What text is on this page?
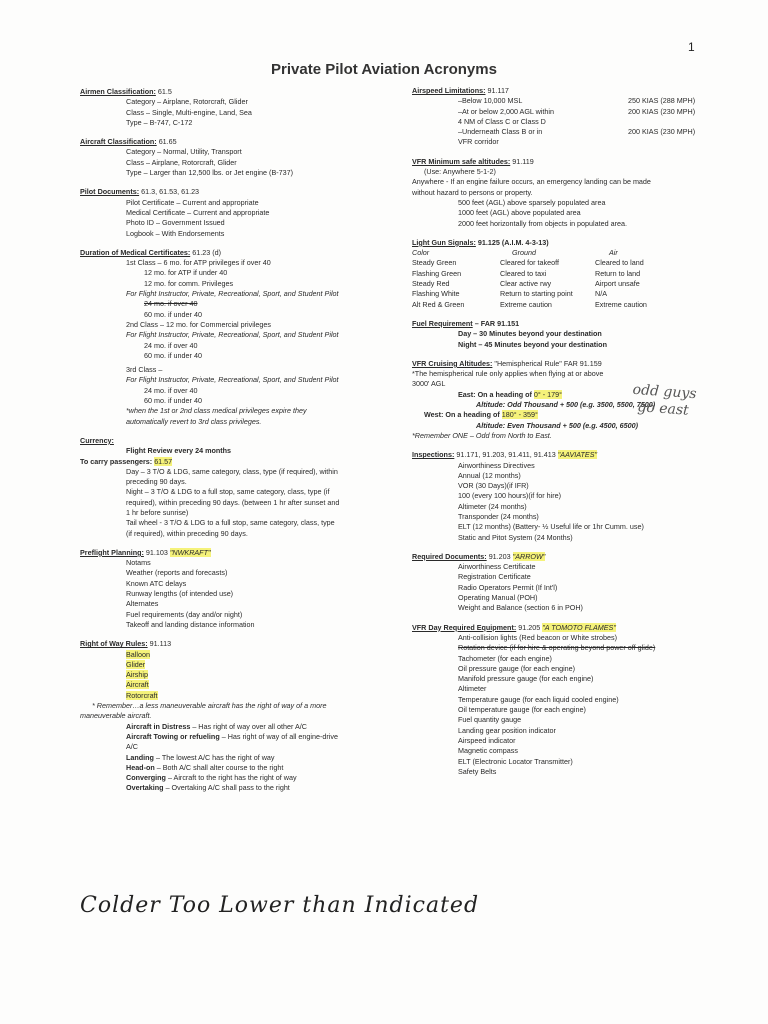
1
Private Pilot Aviation Acronyms
Airmen Classification: 61.5
Category – Airplane, Rotorcraft, Glider
Class – Single, Multi-engine, Land, Sea
Type – B-747, C-172
Aircraft Classification: 61.65
Category – Normal, Utility, Transport
Class – Airplane, Rotorcraft, Glider
Type – Larger than 12,500 lbs. or Jet engine (B-737)
Pilot Documents: 61.3, 61.53, 61.23
Pilot Certificate – Current and appropriate
Medical Certificate – Current and appropriate
Photo ID – Government Issued
Logbook – With Endorsements
Duration of Medical Certificates: 61.23 (d)
1st Class – 6 mo. for ATP privileges if over 40
12 mo. for ATP if under 40
12 mo. for comm. Privileges
For Flight Instructor, Private, Recreational, Sport, and Student Pilot
24 mo. if over 40
60 mo. if under 40
2nd Class – 12 mo. for Commercial privileges
For Flight Instructor, Private, Recreational, Sport, and Student Pilot
24 mo. if over 40
60 mo. if under 40
3rd Class –
For Flight Instructor, Private, Recreational, Sport, and Student Pilot
24 mo. if over 40
60 mo. if under 40
*when the 1st or 2nd class medical privileges expire they
automatically revert to 3rd class privileges.
Currency:
Flight Review every 24 months
To carry passengers: 61.57
Day – 3 T/O & LDG, same category, class, type (if required), within
preceding 90 days.
Night – 3 T/O & LDG to a full stop, same category, class, type (if
required), within preceding 90 days. (between 1 hr after sunset and
1 hr before sunrise)
Tail wheel - 3 T/O & LDG to a full stop, same category, class, type
(if required), within preceding 90 days.
Preflight Planning: 91.103 "NWKRAFT"
Notams
Weather (reports and forecasts)
Known ATC delays
Runway lengths (of intended use)
Alternates
Fuel requirements (day and/or night)
Takeoff and landing distance information
Right of Way Rules: 91.113
Balloon
Glider
Airship
Aircraft
Rotorcraft
* Remember…a less maneuverable aircraft has the right of way of a more
maneuverable aircraft.
Aircraft in Distress – Has right of way over all other A/C
Aircraft Towing or refueling – Has right of way of all engine-drive
A/C
Landing – The lowest A/C has the right of way
Head-on – Both A/C shall alter course to the right
Converging – Aircraft to the right has the right of way
Overtaking – Overtaking A/C shall pass to the right
Airspeed Limitations: 91.117
–Below 10,000 MSL	250 KIAS (288 MPH)
–At or below 2,000 AGL within	200 KIAS (230 MPH)
4 NM of Class C or Class D
–Underneath Class B or in	200 KIAS (230 MPH)
VFR corridor
VFR Minimum safe altitudes: 91.119
(Use: Anywhere 5-1-2)
Anywhere - If an engine failure occurs, an emergency landing can be made
without hazard to persons or property.
500 feet (AGL) above sparsely populated area
1000 feet (AGL) above populated area
2000 feet horizontally from objects in populated area.
Light Gun Signals: 91.125 (A.I.M. 4-3-13)
Color	Ground	Air
Steady Green	Cleared for takeoff	Cleared to land
Flashing Green	Cleared to taxi	Return to land
Steady Red	Clear active rwy	Airport unsafe
Flashing White	Return to starting point	N/A
Alt Red & Green	Extreme caution	Extreme caution
Fuel Requirement – FAR 91.151
Day – 30 Minutes beyond your destination
Night – 45 Minutes beyond your destination
VFR Cruising Altitudes: "Hemispherical Rule" FAR 91.159
*The hemispherical rule only applies when flying at or above
3000' AGL
East: On a heading of 0° - 179°
Altitude: Odd Thousand + 500 (e.g. 3500, 5500, 7500)
West: On a heading of 180° - 359°
Altitude: Even Thousand + 500 (e.g. 4500, 6500)
*Remember ONE – Odd from North to East.
Inspections: 91.171, 91.203, 91.411, 91.413 "AAVIATES"
Airworthiness Directives
Annual (12 months)
VOR (30 Days)(if IFR)
100 (every 100 hours)(if for hire)
Altimeter (24 months)
Transponder (24 months)
ELT (12 months) (Battery- ½ Useful life or 1hr Cumm. use)
Static and Pitot System (24 Months)
Required Documents: 91.203 "ARROW"
Airworthiness Certificate
Registration Certificate
Radio Operators Permit (If Int'l)
Operating Manual (POH)
Weight and Balance (section 6 in POH)
VFR Day Required Equipment: 91.205 "A TOMOTO FLAMES"
Anti-collision lights (Red beacon or White strobes)
Rotation device (if for hire & operating beyond power off glide)
Tachometer (for each engine)
Oil pressure gauge (for each engine)
Manifold pressure gauge (for each engine)
Altimeter
Temperature gauge (for each liquid cooled engine)
Oil temperature gauge (for each engine)
Fuel quantity gauge
Landing gear position indicator
Airspeed indicator
Magnetic compass
ELT (Electronic Locator Transmitter)
Safety Belts
odd guys
go east
Colder Too Lower than Indicated
